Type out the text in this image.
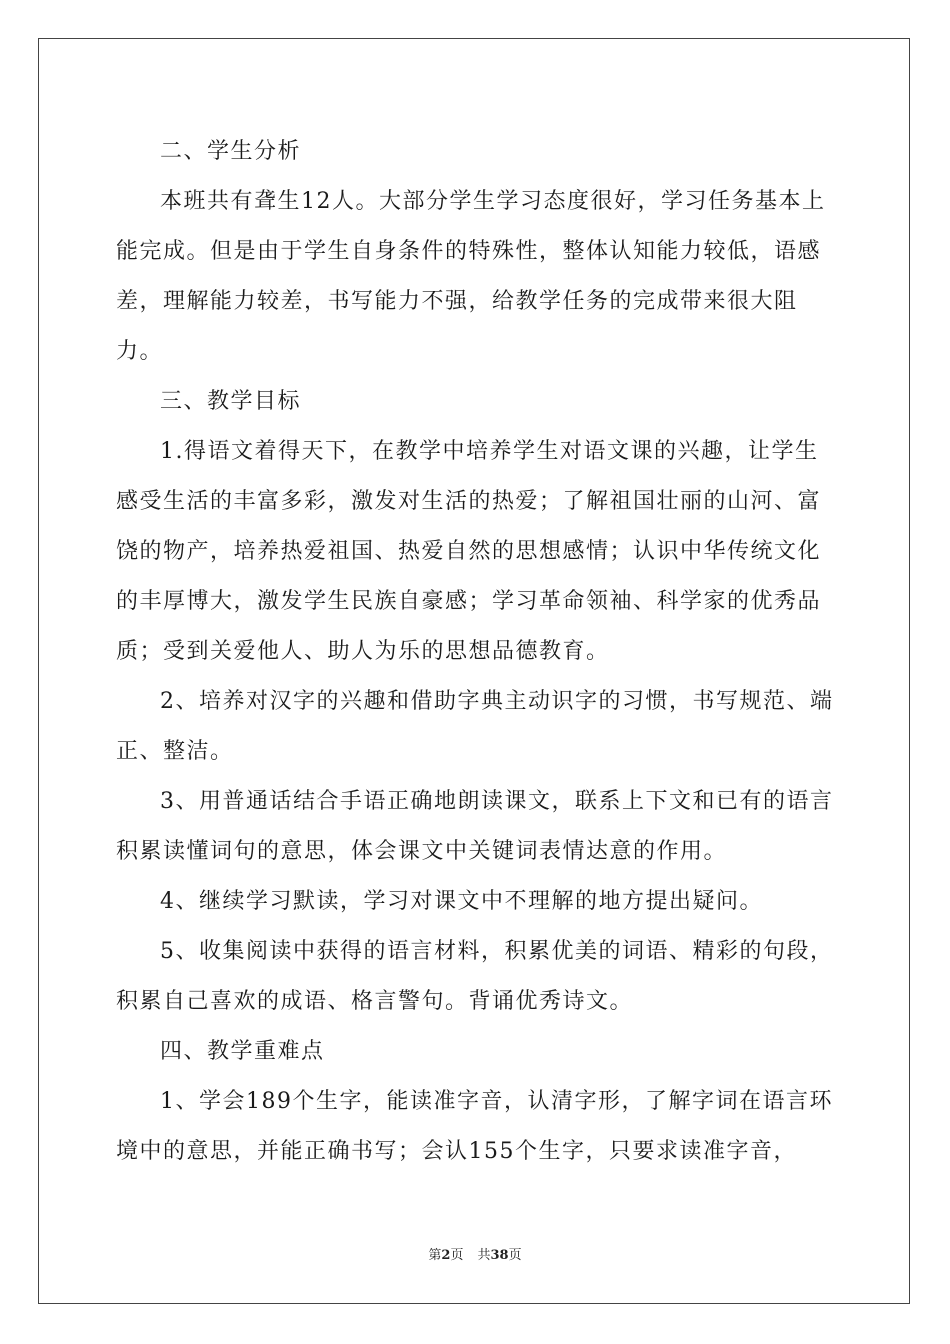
二、学生分析

本班共有聋生12人。大部分学生学习态度很好，学习任务基本上能完成。但是由于学生自身条件的特殊性，整体认知能力较低，语感差，理解能力较差，书写能力不强，给教学任务的完成带来很大阻力。

三、教学目标

1.得语文着得天下，在教学中培养学生对语文课的兴趣，让学生感受生活的丰富多彩，激发对生活的热爱；了解祖国壮丽的山河、富饶的物产，培养热爱祖国、热爱自然的思想感情；认识中华传统文化的丰厚博大，激发学生民族自豪感；学习革命领袖、科学家的优秀品质；受到关爱他人、助人为乐的思想品德教育。

2、培养对汉字的兴趣和借助字典主动识字的习惯，书写规范、端正、整洁。

3、用普通话结合手语正确地朗读课文，联系上下文和已有的语言积累读懂词句的意思，体会课文中关键词表情达意的作用。

4、继续学习默读，学习对课文中不理解的地方提出疑问。

5、收集阅读中获得的语言材料，积累优美的词语、精彩的句段，积累自己喜欢的成语、格言警句。背诵优秀诗文。

四、教学重难点

1、学会189个生字，能读准字音，认清字形，了解字词在语言环境中的意思，并能正确书写；会认155个生字，只要求读准字音，

第2页 共38页
